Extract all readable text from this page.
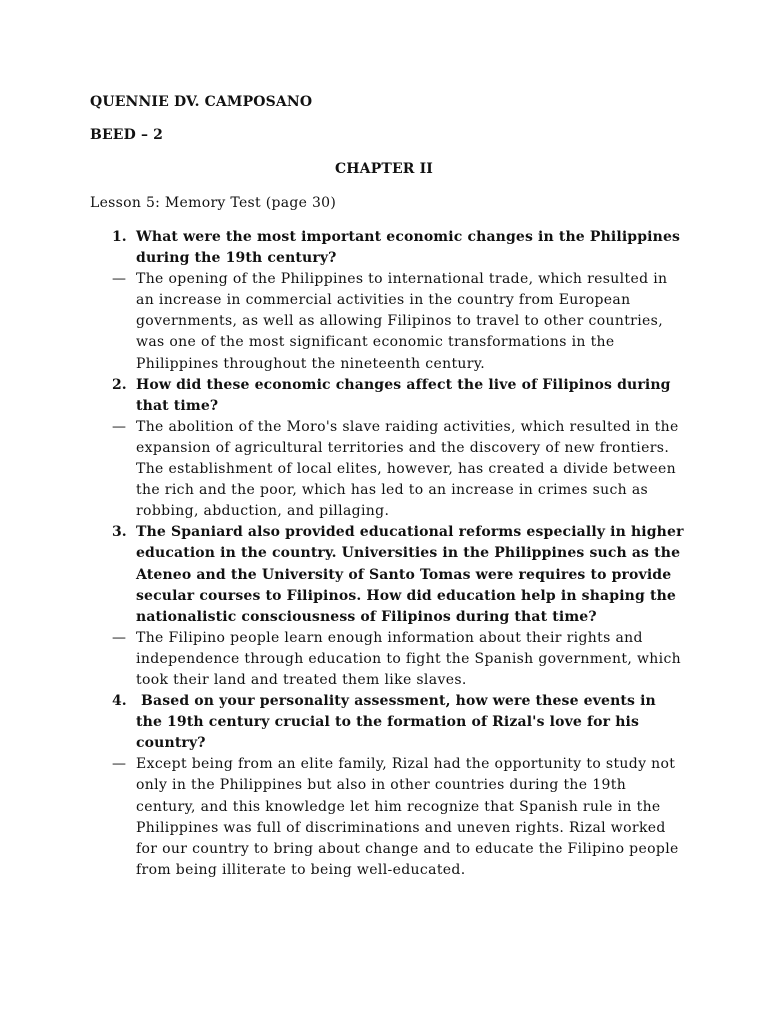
QUENNIE DV. CAMPOSANO
BEED – 2
CHAPTER II
Lesson 5: Memory Test (page 30)
1. What were the most important economic changes in the Philippines
during the 19th century?
— The opening of the Philippines to international trade, which resulted in
an increase in commercial activities in the country from European
governments, as well as allowing Filipinos to travel to other countries,
was one of the most significant economic transformations in the
Philippines throughout the nineteenth century.
2. How did these economic changes affect the live of Filipinos during
that time?
— The abolition of the Moro's slave raiding activities, which resulted in the
expansion of agricultural territories and the discovery of new frontiers.
The establishment of local elites, however, has created a divide between
the rich and the poor, which has led to an increase in crimes such as
robbing, abduction, and pillaging.
3. The Spaniard also provided educational reforms especially in higher
education in the country. Universities in the Philippines such as the
Ateneo and the University of Santo Tomas were requires to provide
secular courses to Filipinos. How did education help in shaping the
nationalistic consciousness of Filipinos during that time?
— The Filipino people learn enough information about their rights and
independence through education to fight the Spanish government, which
took their land and treated them like slaves.
4. Based on your personality assessment, how were these events in
the 19th century crucial to the formation of Rizal's love for his
country?
— Except being from an elite family, Rizal had the opportunity to study not
only in the Philippines but also in other countries during the 19th
century, and this knowledge let him recognize that Spanish rule in the
Philippines was full of discriminations and uneven rights. Rizal worked
for our country to bring about change and to educate the Filipino people
from being illiterate to being well-educated.
